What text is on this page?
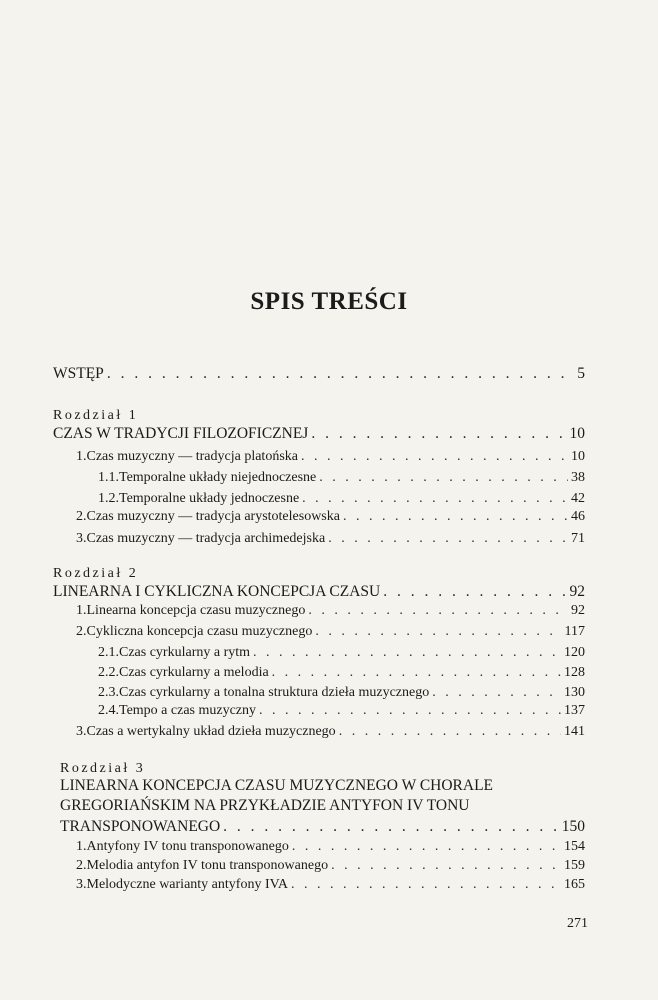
SPIS TREŚCI
WSTĘP . . .	5
Rozdział 1
CZAS W TRADYCJI FILOZOFICZNEJ . . .	10
1. Czas muzyczny — tradycja platońska . . .	10
1.1. Temporalne układy niejednoczesne . . .	38
1.2. Temporalne układy jednoczesne . . .	42
2. Czas muzyczny — tradycja arystotelesowska . . .	46
3. Czas muzyczny — tradycja archimedejska . . .	71
Rozdział 2
LINEARNA I CYKLICZNA KONCEPCJA CZASU . . .	92
1. Linearna koncepcja czasu muzycznego . . .	92
2. Cykliczna koncepcja czasu muzycznego . . .	117
2.1. Czas cyrkularny a rytm . . .	120
2.2. Czas cyrkularny a melodia . . .	128
2.3. Czas cyrkularny a tonalna struktura dzieła muzycznego . . .	130
2.4. Tempo a czas muzyczny . . .	137
3. Czas a wertykalny układ dzieła muzycznego . . .	141
Rozdział 3
LINEARNA KONCEPCJA CZASU MUZYCZNEGO W CHORALE
GREGORIAŃSKIM NA PRZYKŁADZIE ANTYFON IV TONU
TRANSPONOWANEGO . . .	150
1. Antyfony IV tonu transponowanego . . .	154
2. Melodia antyfon IV tonu transponowanego . . .	159
3. Melodyczne warianty antyfony IVA . . .	165
271
